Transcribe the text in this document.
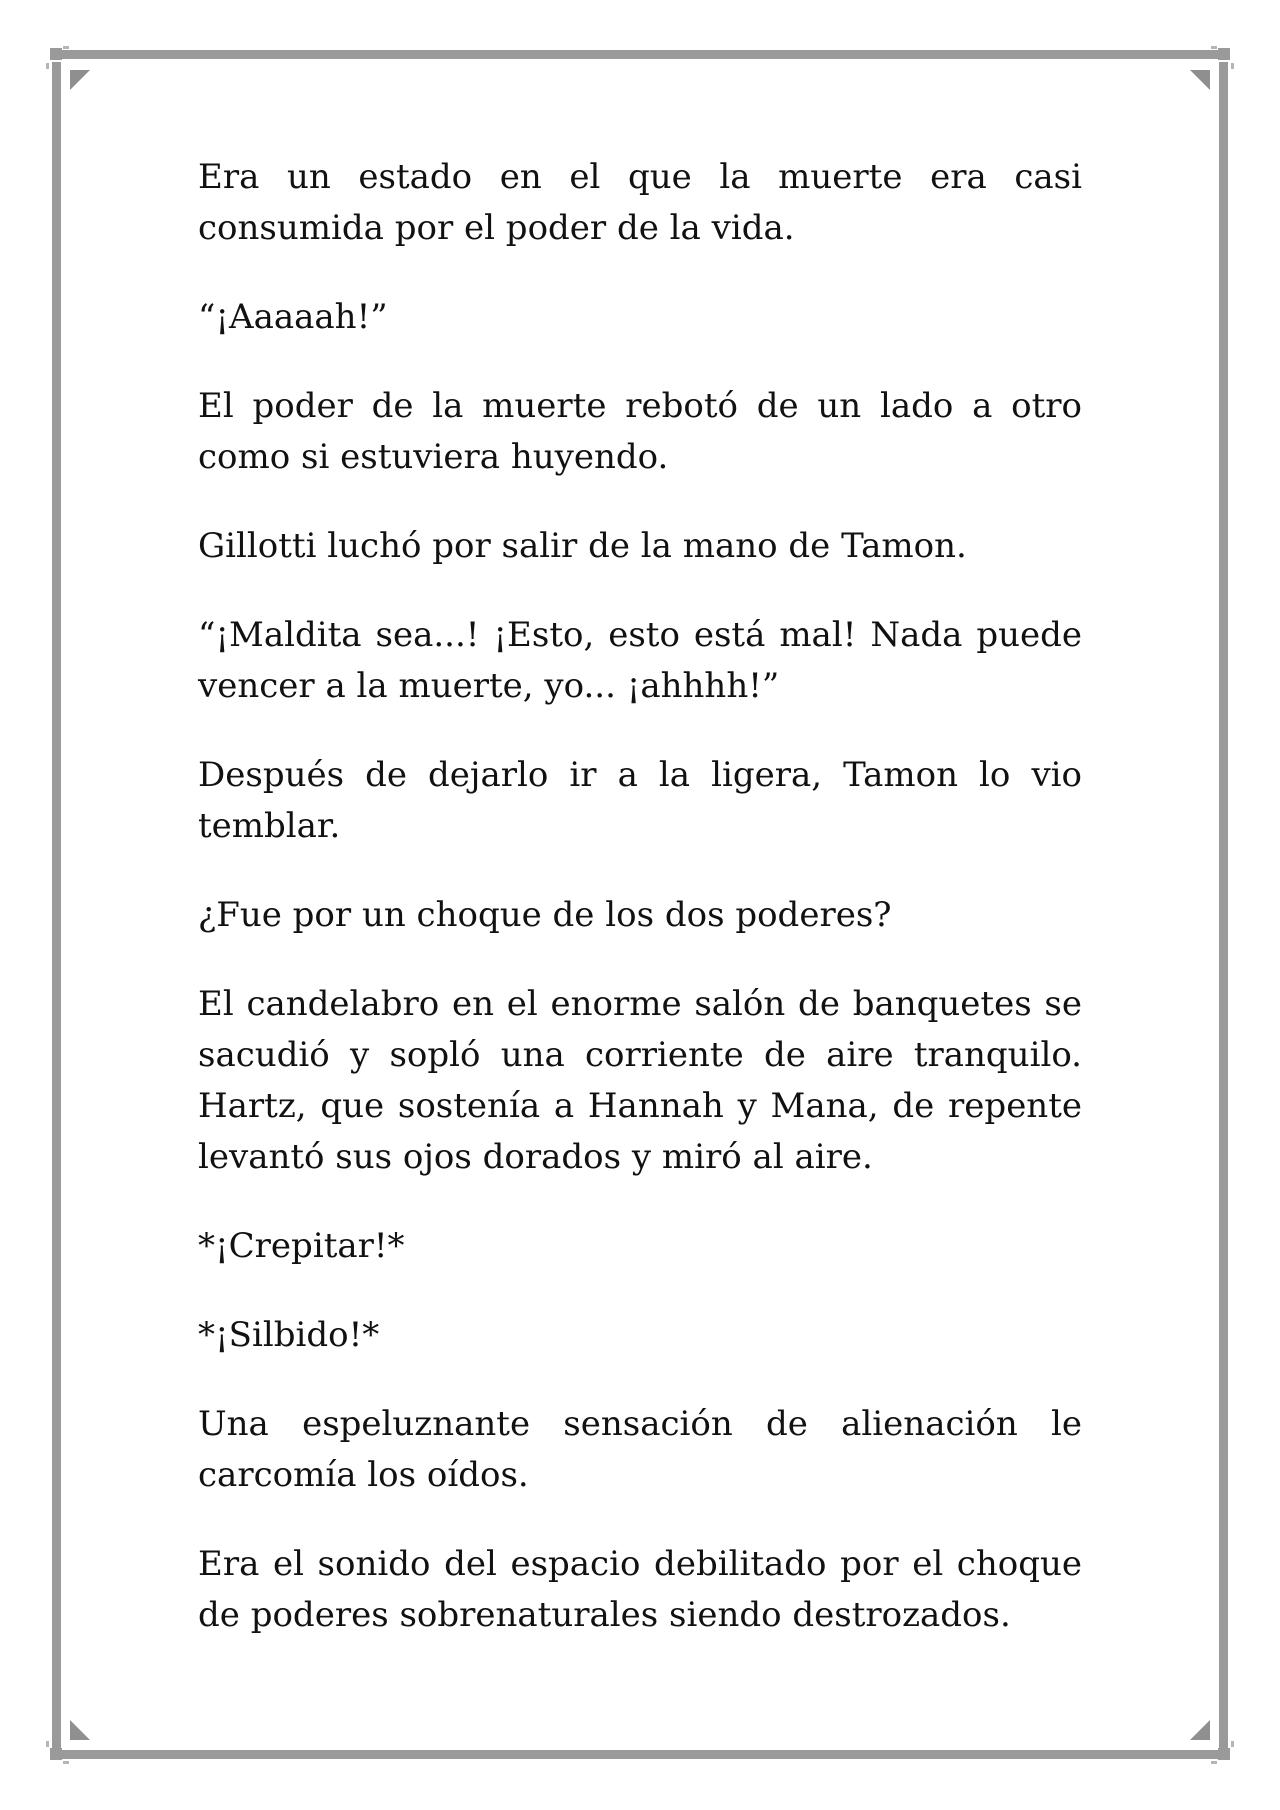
Era un estado en el que la muerte era casi consumida por el poder de la vida.

“¡Aaaaah!”

El poder de la muerte rebotó de un lado a otro como si estuviera huyendo.

Gillotti luchó por salir de la mano de Tamon.

“¡Maldita sea...! ¡Esto, esto está mal! Nada puede vencer a la muerte, yo... ¡ahhhh!”

Después de dejarlo ir a la ligera, Tamon lo vio temblar.

¿Fue por un choque de los dos poderes?

El candelabro en el enorme salón de banquetes se sacudió y sopló una corriente de aire tranquilo. Hartz, que sostenía a Hannah y Mana, de repente levantó sus ojos dorados y miró al aire.

*¡Crepitar!*

*¡Silbido!*

Una espeluznante sensación de alienación le carcomía los oídos.

Era el sonido del espacio debilitado por el choque de poderes sobrenaturales siendo destrozados.
